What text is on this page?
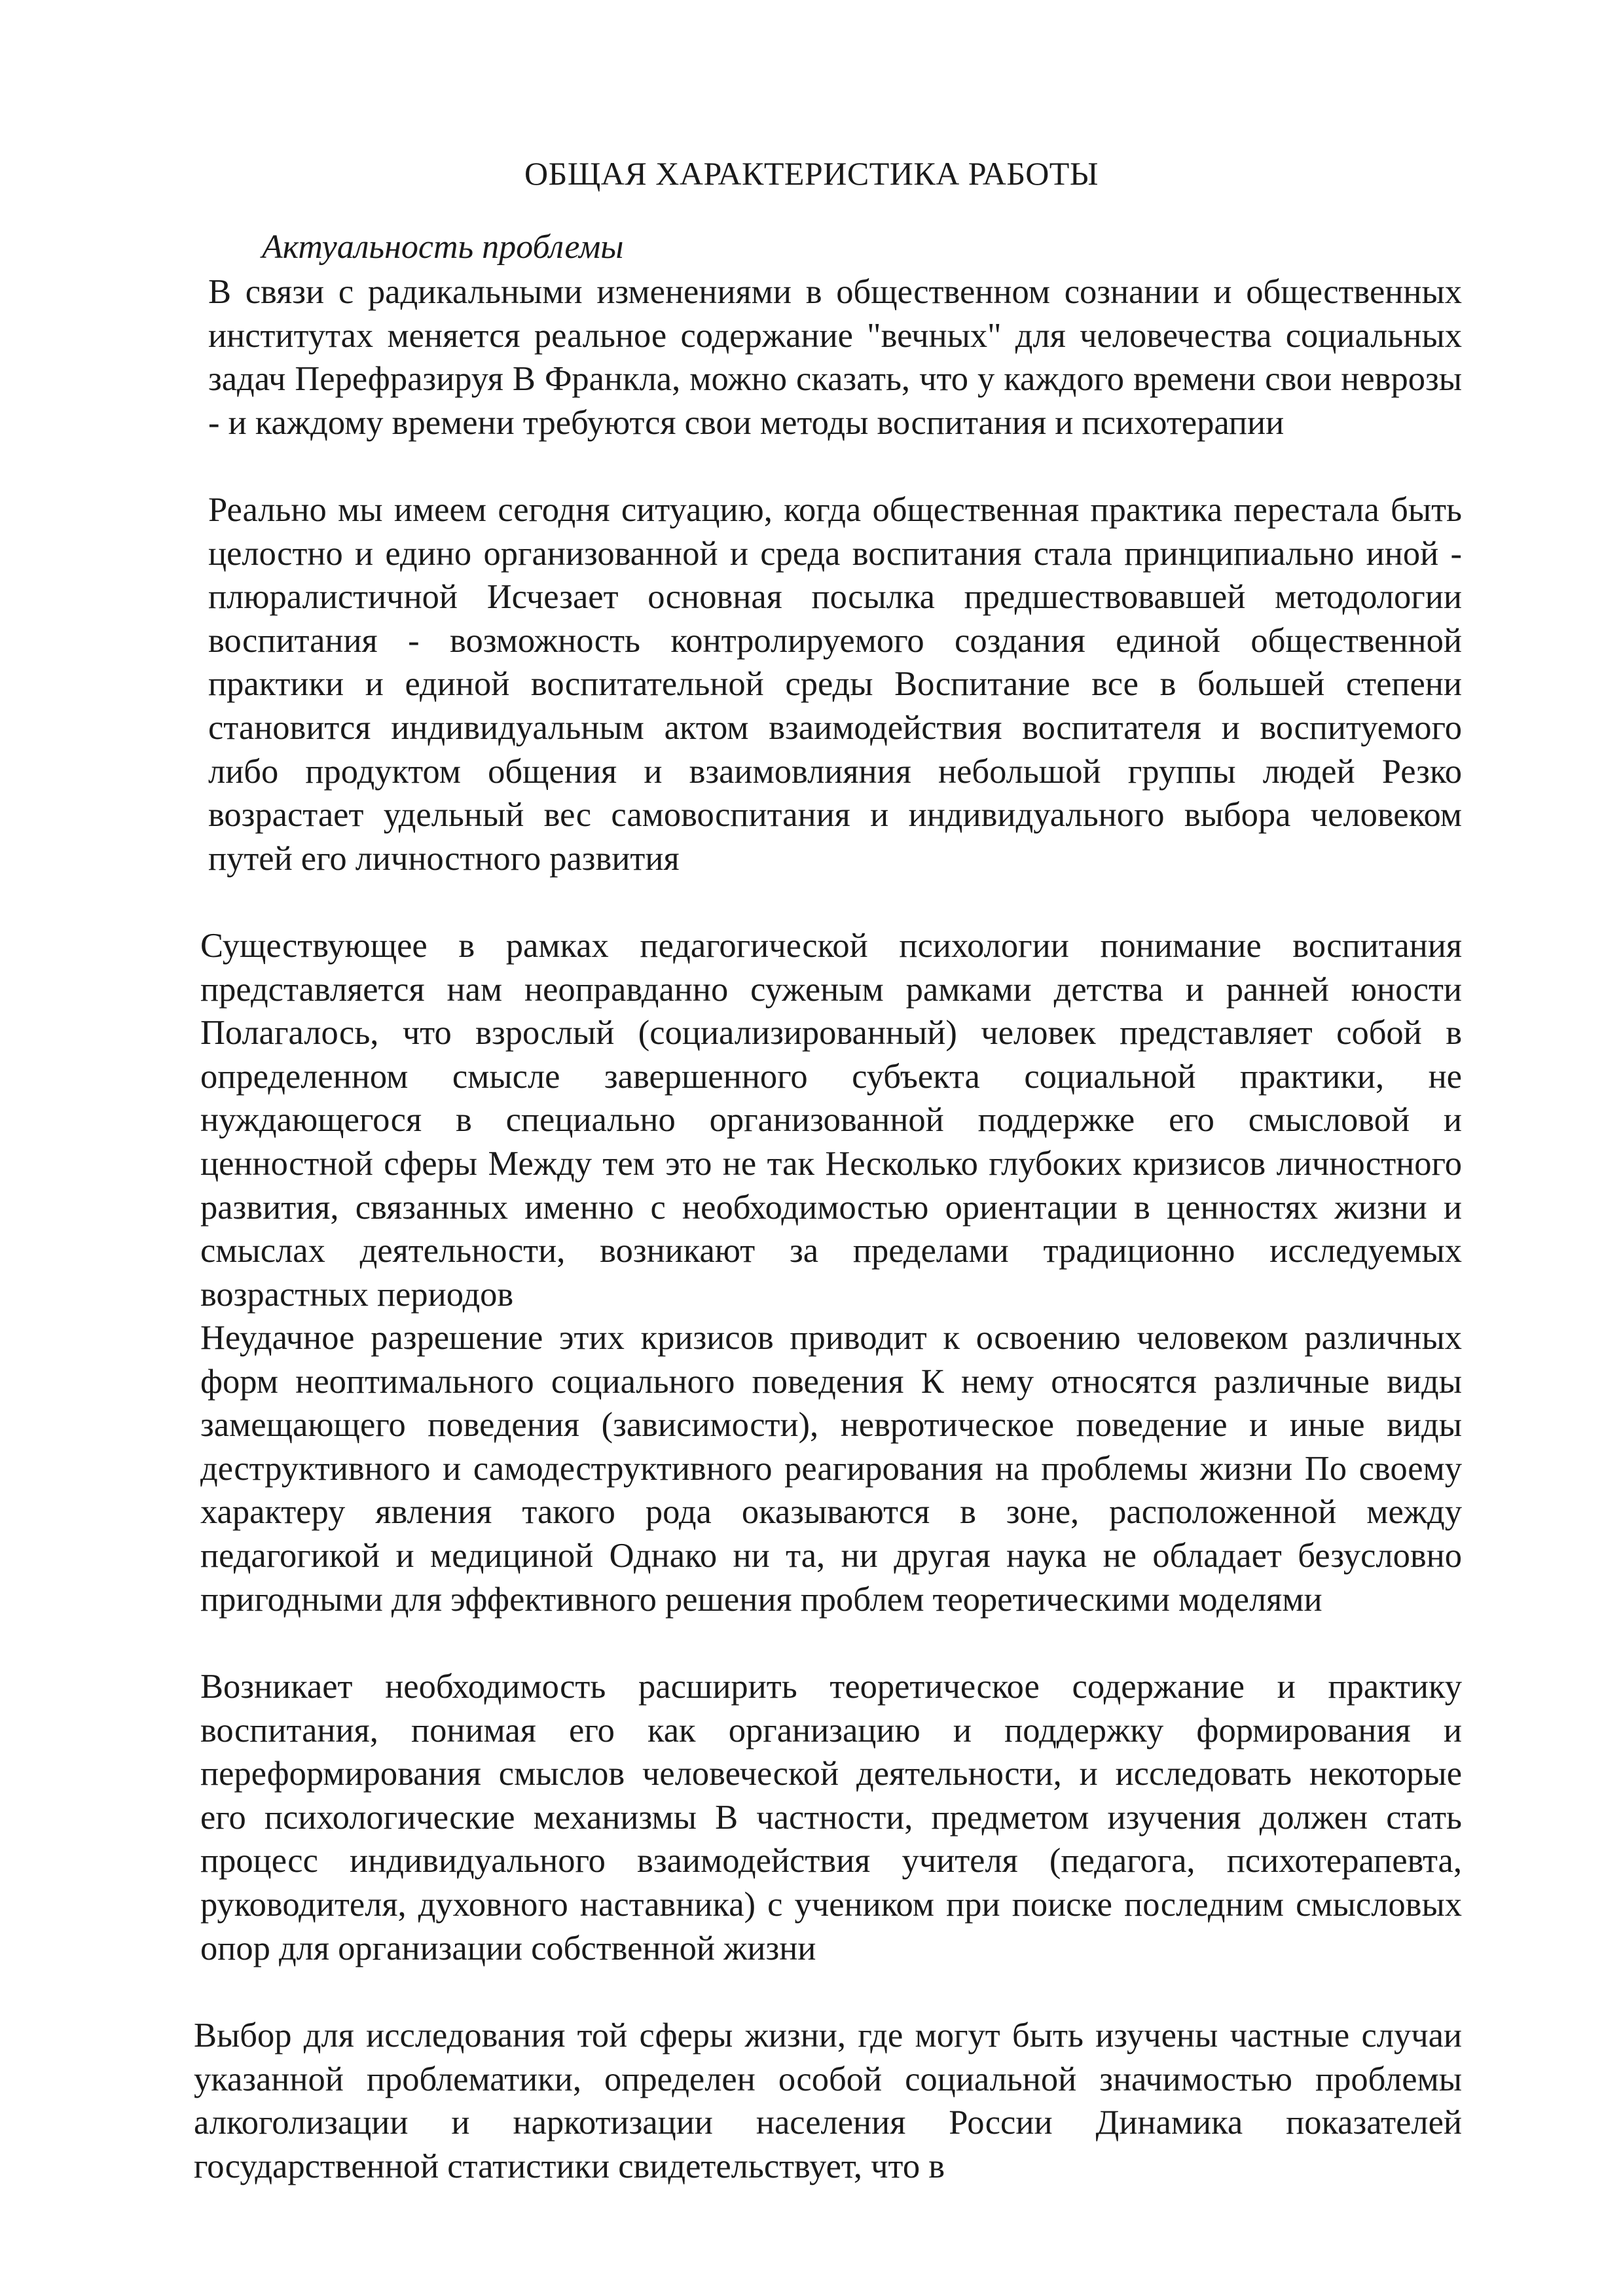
ОБЩАЯ ХАРАКТЕРИСТИКА РАБОТЫ
Актуальность проблемы

В связи с радикальными изменениями в общественном сознании и общественных институтах меняется реальное содержание "вечных" для человечества социальных задач Перефразируя В Франкла, можно сказать, что у каждого времени свои неврозы - и каждому времени требуются свои методы воспитания и психотерапии

Реально мы имеем сегодня ситуацию, когда общественная практика перестала быть целостно и едино организованной и среда воспитания стала принципиально иной - плюралистичной Исчезает основная посылка предшествовавшей методологии воспитания - возможность контролируемого создания единой общественной практики и единой воспитательной среды Воспитание все в большей степени становится индивидуальным актом взаимодействия воспитателя и воспитуемого либо продуктом общения и взаимовлияния небольшой группы людей Резко возрастает удельный вес самовоспитания и индивидуального выбора человеком путей его личностного развития

Существующее в рамках педагогической психологии понимание воспитания представляется нам неоправданно суженым рамками детства и ранней юности Полагалось, что взрослый (социализированный) человек представляет собой в определенном смысле завершенного субъекта социальной практики, не нуждающегося в специально организованной поддержке его смысловой и ценностной сферы Между тем это не так Несколько глубоких кризисов личностного развития, связанных именно с необходимостью ориентации в ценностях жизни и смыслах деятельности, возникают за пределами традиционно исследуемых возрастных периодов

Неудачное разрешение этих кризисов приводит к освоению человеком различных форм неоптимального социального поведения К нему относятся различные виды замещающего поведения (зависимости), невротическое поведение и иные виды деструктивного и самодеструктивного реагирования на проблемы жизни По своему характеру явления такого рода оказываются в зоне, расположенной между педагогикой и медициной Однако ни та, ни другая наука не обладает безусловно пригодными для эффективного решения проблем теоретическими моделями

Возникает необходимость расширить теоретическое содержание и практику воспитания, понимая его как организацию и поддержку формирования и переформирования смыслов человеческой деятельности, и исследовать некоторые его психологические механизмы В частности, предметом изучения должен стать процесс индивидуального взаимодействия учителя (педагога, психотерапевта, руководителя, духовного наставника) с учеником при поиске последним смысловых опор для организации собственной жизни

Выбор для исследования той сферы жизни, где могут быть изучены частные случаи указанной проблематики, определен особой социальной значимостью проблемы алкоголизации и наркотизации населения России Динамика показателей государственной статистики свидетельствует, что в
